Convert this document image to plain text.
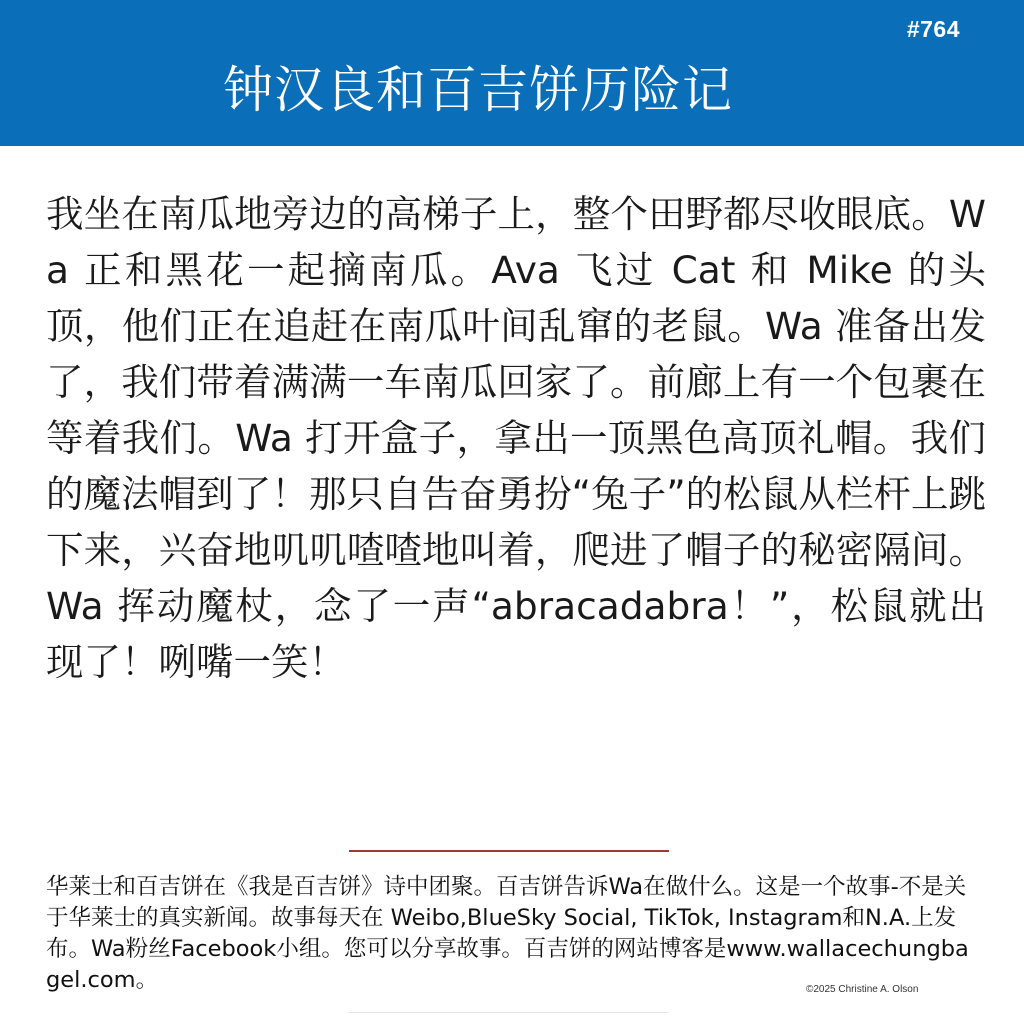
#764
钟汉良和百吉饼历险记
我坐在南瓜地旁边的高梯子上，整个田野都尽收眼底。Wa 正和黑花一起摘南瓜。Ava 飞过 Cat 和 Mike 的头顶，他们正在追赶在南瓜叶间乱窜的老鼠。Wa 准备出发了，我们带着满满一车南瓜回家了。前廊上有一个包裹在等着我们。Wa 打开盒子，拿出一顶黑色高顶礼帽。我们的魔法帽到了！那只自告奋勇扮“兔子”的松鼠从栏杆上跳下来，兴奋地叽叽喳喳地叫着，爬进了帽子的秘密隔间。Wa 挥动魔杖，念了一声“abracadabra！”，松鼠就出现了！咧嘴一笑！
华莱士和百吉饼在《我是百吉饼》诗中团聚。百吉饼告诉Wa在做什么。这是一个故事-不是关于华莱士的真实新闻。故事每天在 Weibo,BlueSky Social, TikTok, Instagram和N.A.上发布。Wa粉丝Facebook小组。您可以分享故事。百吉饼的网站博客是www.wallacechungbagel.com。	©2025 Christine A. Olson
